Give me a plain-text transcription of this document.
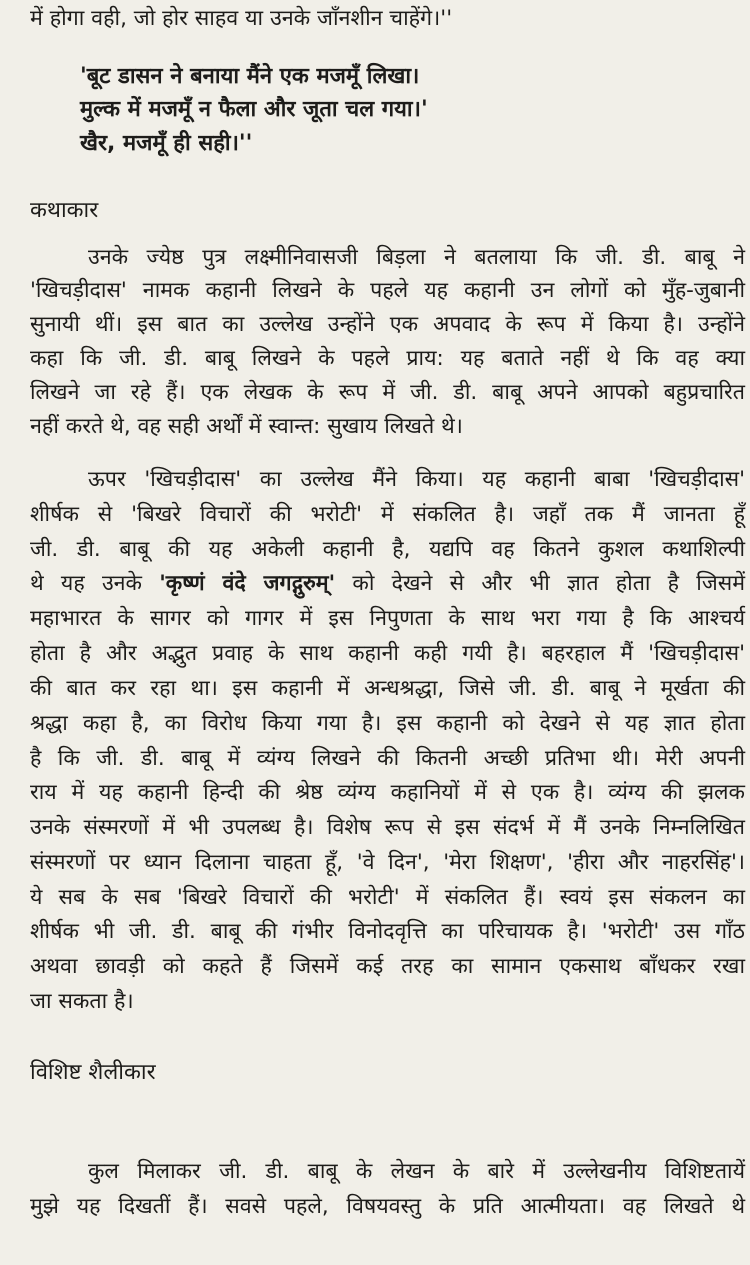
में होगा वही, जो होर साहव या उनके जाँनशीन चाहेंगे।''
'बूट डासन ने बनाया मैंने एक मजमूँ लिखा।
मुल्क में मजमूँ न फैला और जूता चल गया।'
खैर, मजमूँ ही सही।''
कथाकार
उनके ज्येष्ठ पुत्र लक्ष्मीनिवासजी बिड़ला ने बतलाया कि जी. डी. बाबू ने
'खिचड़ीदास' नामक कहानी लिखने के पहले यह कहानी उन लोगों को मुँह-जुबानी
सुनायी थीं। इस बात का उल्लेख उन्होंने एक अपवाद के रूप में किया है। उन्होंने
कहा कि जी. डी. बाबू लिखने के पहले प्राय: यह बताते नहीं थे कि वह क्या
लिखने जा रहे हैं। एक लेखक के रूप में जी. डी. बाबू अपने आपको बहुप्रचारित
नहीं करते थे, वह सही अर्थों में स्वान्त: सुखाय लिखते थे।
ऊपर 'खिचड़ीदास' का उल्लेख मैंने किया। यह कहानी बाबा 'खिचड़ीदास'
शीर्षक से 'बिखरे विचारों की भरोटी' में संकलित है। जहाँ तक मैं जानता हूँ
जी. डी. बाबू की यह अकेली कहानी है, यद्यपि वह कितने कुशल कथाशिल्पी
थे यह उनके 'कृष्णं वंदे जगद्गुरुम्' को देखने से और भी ज्ञात होता है जिसमें
महाभारत के सागर को गागर में इस निपुणता के साथ भरा गया है कि आश्चर्य
होता है और अद्भुत प्रवाह के साथ कहानी कही गयी है। बहरहाल मैं 'खिचड़ीदास'
की बात कर रहा था। इस कहानी में अन्धश्रद्धा, जिसे जी. डी. बाबू ने मूर्खता की
श्रद्धा कहा है, का विरोध किया गया है। इस कहानी को देखने से यह ज्ञात होता
है कि जी. डी. बाबू में व्यंग्य लिखने की कितनी अच्छी प्रतिभा थी। मेरी अपनी
राय में यह कहानी हिन्दी की श्रेष्ठ व्यंग्य कहानियों में से एक है। व्यंग्य की झलक
उनके संस्मरणों में भी उपलब्ध है। विशेष रूप से इस संदर्भ में मैं उनके निम्नलिखित
संस्मरणों पर ध्यान दिलाना चाहता हूँ, 'वे दिन', 'मेरा शिक्षण', 'हीरा और नाहरसिंह'।
ये सब के सब 'बिखरे विचारों की भरोटी' में संकलित हैं। स्वयं इस संकलन का
शीर्षक भी जी. डी. बाबू की गंभीर विनोदवृत्ति का परिचायक है। 'भरोटी' उस गाँठ
अथवा छावड़ी को कहते हैं जिसमें कई तरह का सामान एकसाथ बाँधकर रखा
जा सकता है।
विशिष्ट शैलीकार
कुल मिलाकर जी. डी. बाबू के लेखन के बारे में उल्लेखनीय विशिष्टतायें
मुझे यह दिखतीं हैं। सवसे पहले, विषयवस्तु के प्रति आत्मीयता। वह लिखते थे
